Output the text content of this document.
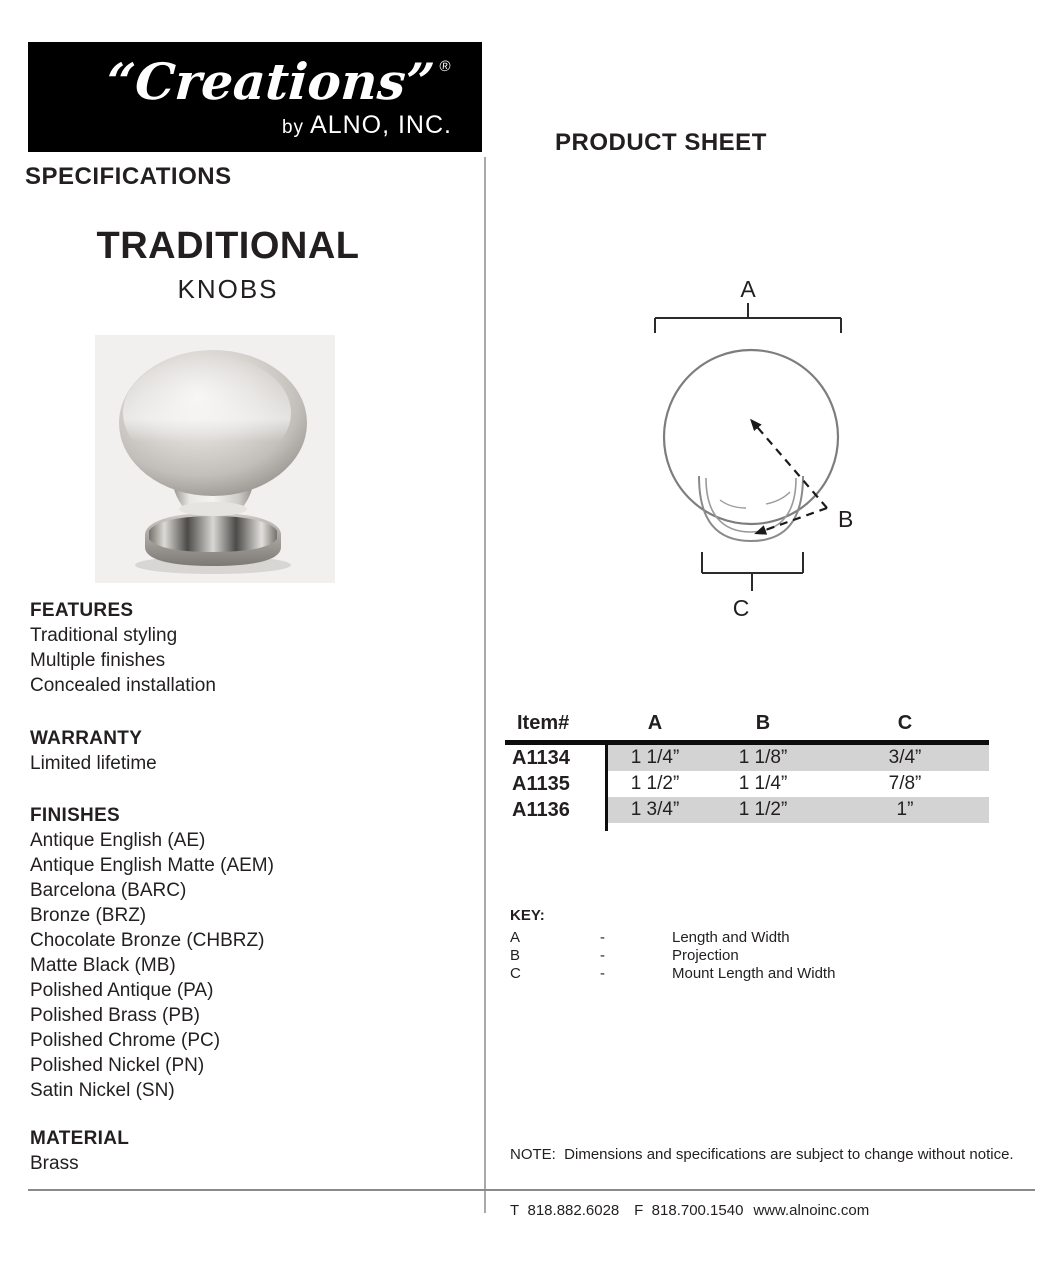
“Creations” ®
by ALNO, INC.
SPECIFICATIONS
PRODUCT SHEET
TRADITIONAL
KNOBS
FEATURES
Traditional styling
Multiple finishes
Concealed installation
WARRANTY
Limited lifetime
FINISHES
Antique English (AE)
Antique English Matte (AEM)
Barcelona (BARC)
Bronze (BRZ)
Chocolate Bronze (CHBRZ)
Matte Black (MB)
Polished Antique (PA)
Polished Brass (PB)
Polished Chrome (PC)
Polished Nickel (PN)
Satin Nickel (SN)
MATERIAL
Brass
A
B
C
Item#	A	B	C
A1134	1 1/4”	1 1/8”	3/4”
A1135	1 1/2”	1 1/4”	7/8”
A1136	1 3/4”	1 1/2”	1”
KEY:
A	-	Length and Width
B	-	Projection
C	-	Mount Length and Width
NOTE:  Dimensions and specifications are subject to change without notice.
T  818.882.6028 F  818.700.1540 www.alnoinc.com
